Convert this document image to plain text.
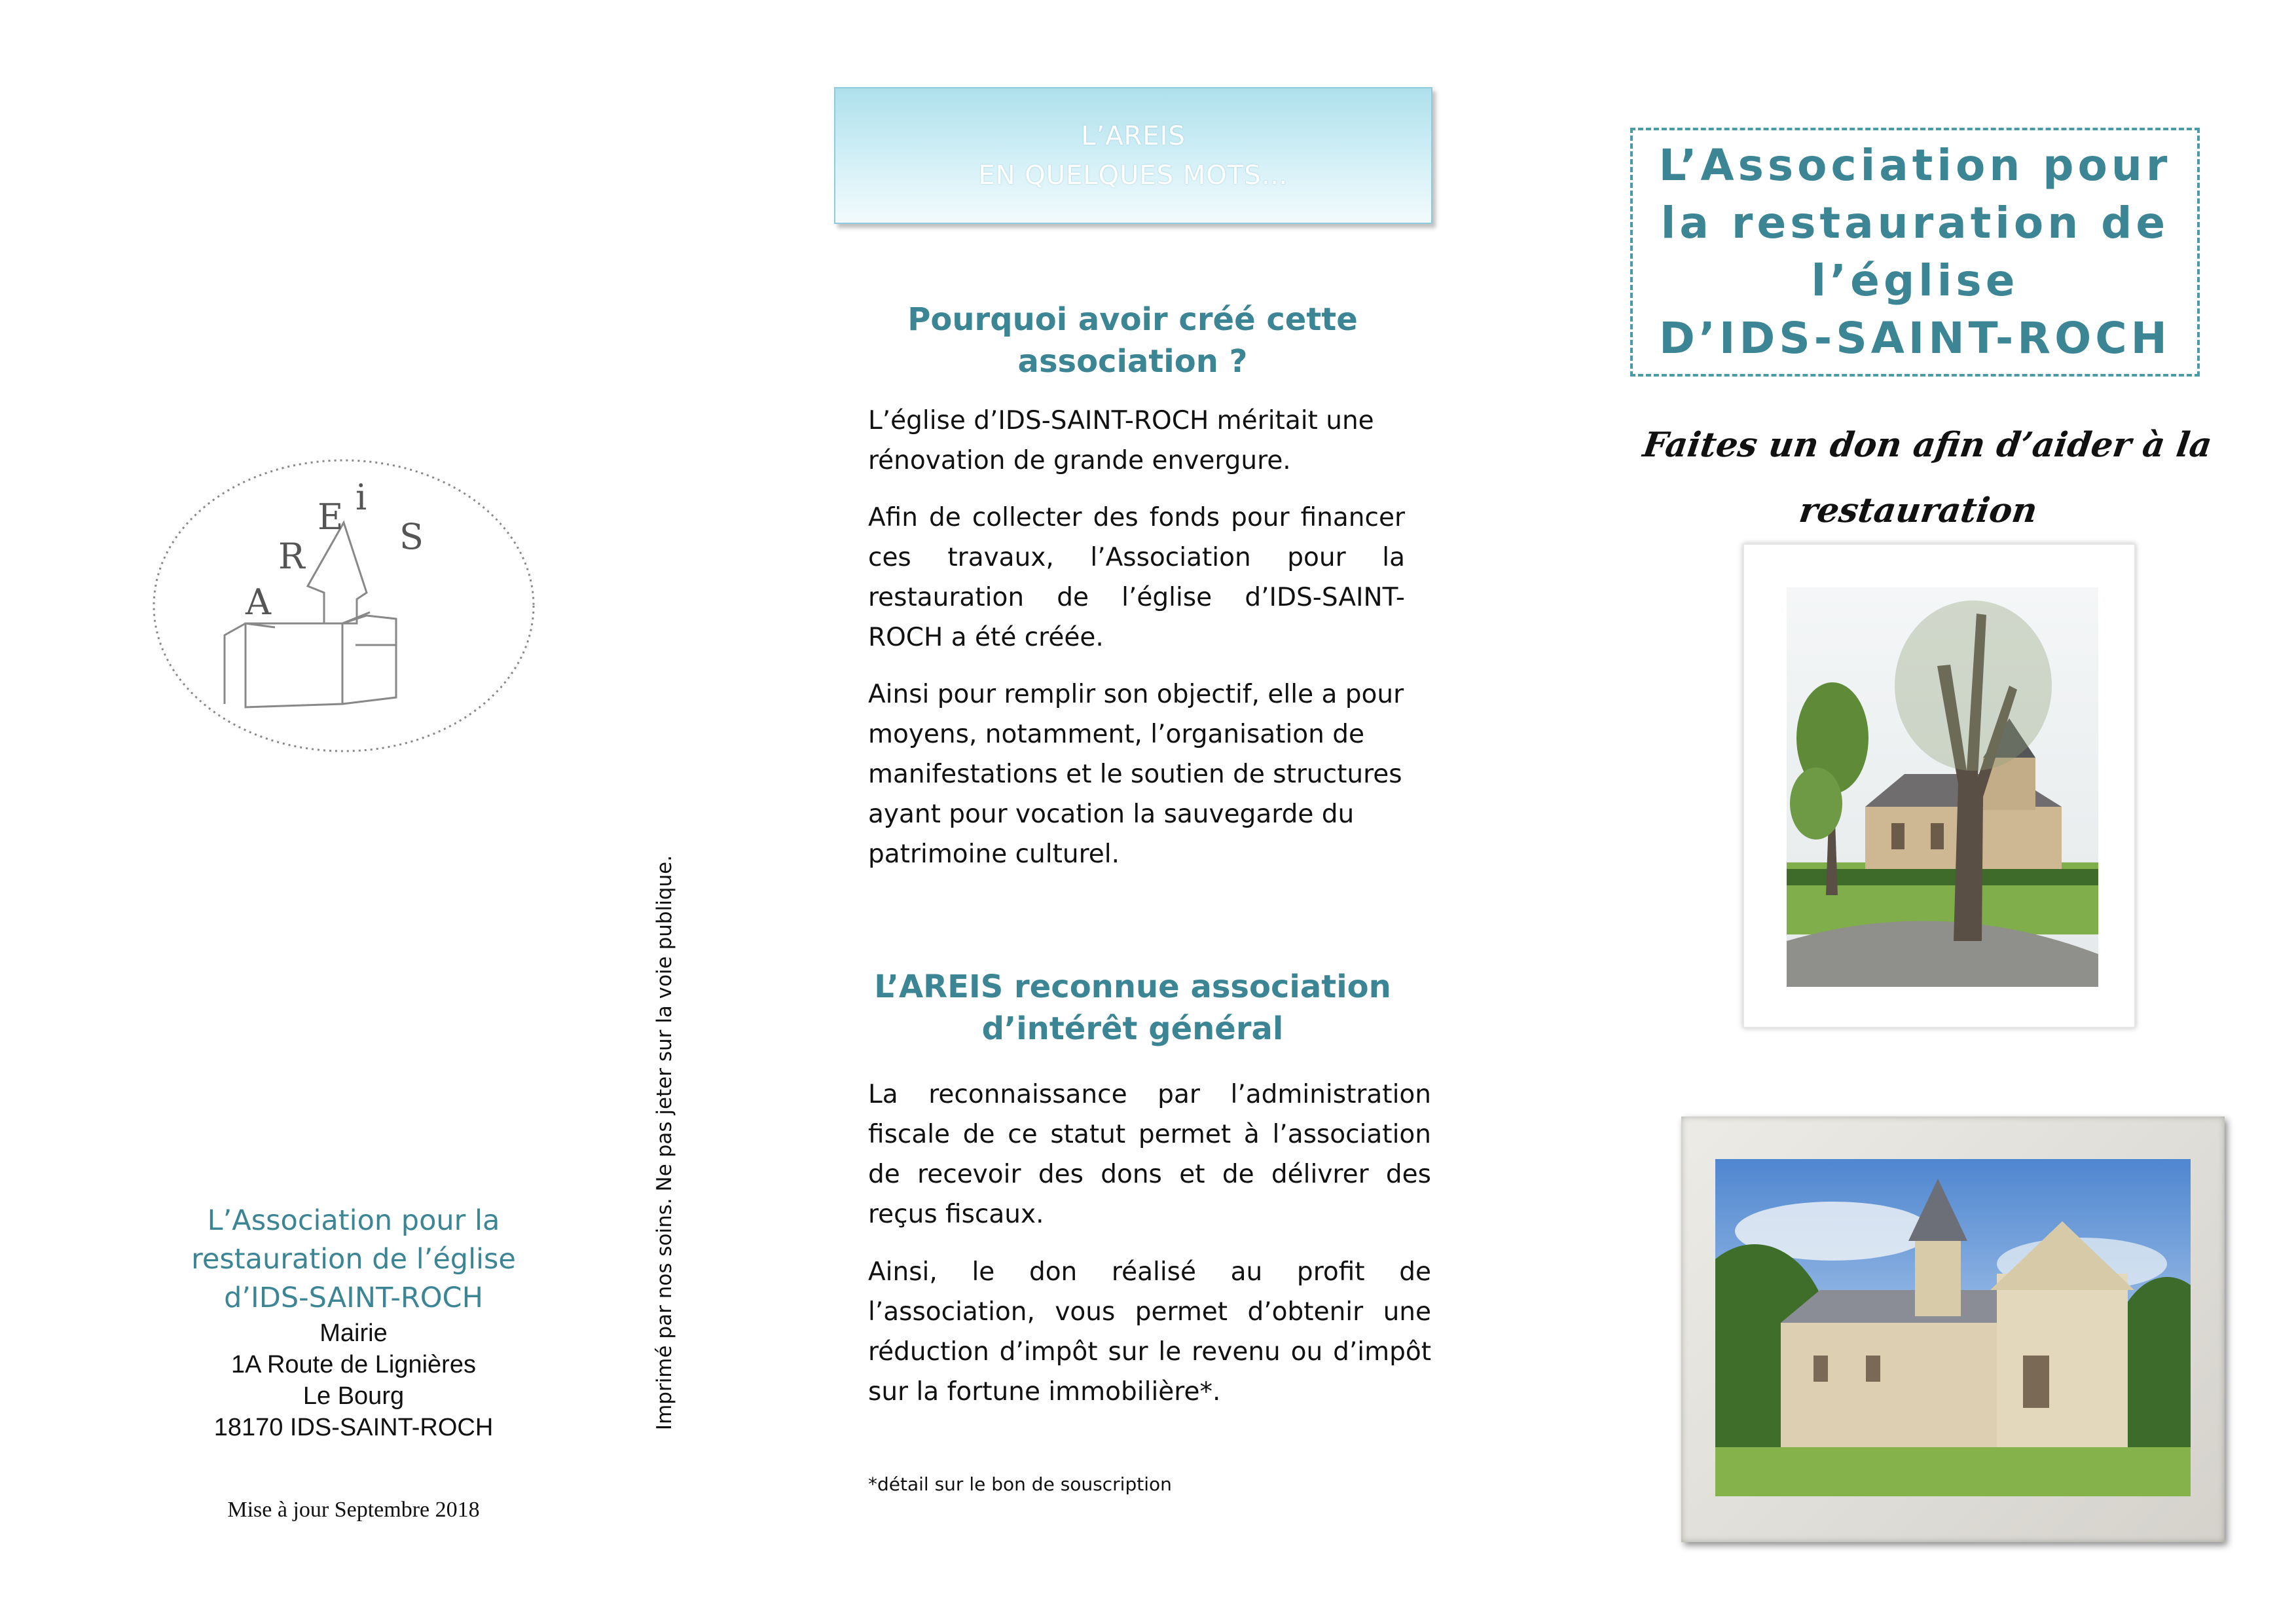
A
R
E i
S

L’Association pour la
restauration de l’église
d’IDS-SAINT-ROCH

Mairie

1A Route de Lignières

Le Bourg

18170 IDS-SAINT-ROCH

Mise à jour Septembre 2018

Imprimé par nos soins. Ne pas jeter sur la voie publique.
L’AREIS
EN QUELQUES MOTS…
Pourquoi avoir créé cette
association ?

L’église d’IDS-SAINT-ROCH méritait une rénovation de grande envergure.

Afin de collecter des fonds pour financer ces travaux, l’Association pour la restauration de l’église d’IDS-SAINT-ROCH a été créée.

Ainsi pour remplir son objectif, elle a pour moyens, notamment, l’organisation de manifestations et le soutien de structures ayant pour vocation la sauvegarde du patrimoine culturel.

L’AREIS reconnue association
d’intérêt général

La reconnaissance par l’administration fiscale de ce statut permet à l’association de recevoir des dons et de délivrer des reçus fiscaux.

Ainsi, le don réalisé au profit de l’association, vous permet d’obtenir une réduction d’impôt sur le revenu ou d’impôt sur la fortune immobilière*.

*détail sur le bon de souscription

L’Association pour
la restauration de
l’église
D’IDS-SAINT-ROCH

Faites un don afin d’aider à la restauration
